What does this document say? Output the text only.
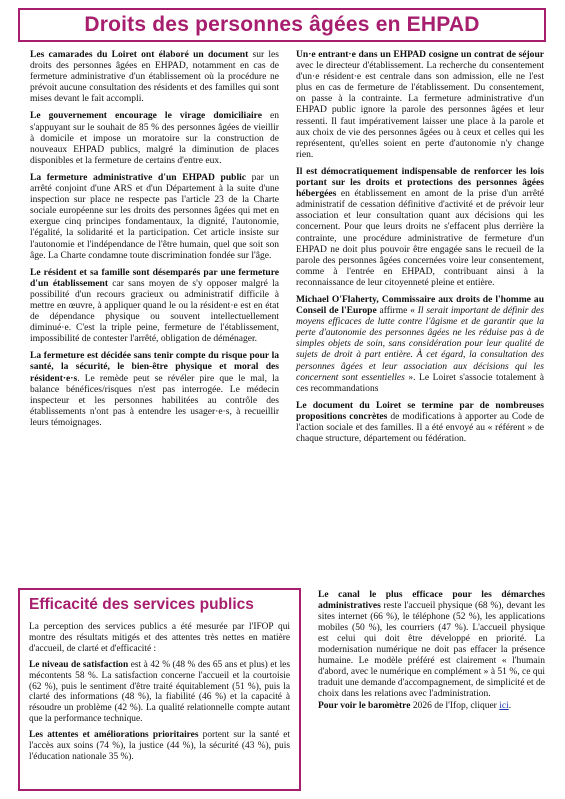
Droits des personnes âgées en EHPAD

Les camarades du Loiret ont élaboré un document sur les droits des personnes âgées en EHPAD, notamment en cas de fermeture administrative d'un établissement où la procédure ne prévoit aucune consultation des résidents et des familles qui sont mises devant le fait accompli.

Le gouvernement encourage le virage domiciliaire en s'appuyant sur le souhait de 85 % des personnes âgées de vieillir à domicile et impose un moratoire sur la construction de nouveaux EHPAD publics, malgré la diminution de places disponibles et la fermeture de certains d'entre eux.

La fermeture administrative d'un EHPAD public par un arrêté conjoint d'une ARS et d'un Département à la suite d'une inspection sur place ne respecte pas l'article 23 de la Charte sociale européenne sur les droits des personnes âgées qui met en exergue cinq principes fondamentaux, la dignité, l'autonomie, l'égalité, la solidarité et la participation. Cet article insiste sur l'autonomie et l'indépendance de l'être humain, quel que soit son âge. La Charte condamne toute discrimination fondée sur l'âge.

Le résident et sa famille sont désemparés par une fermeture d'un établissement car sans moyen de s'y opposer malgré la possibilité d'un recours gracieux ou administratif difficile à mettre en œuvre, à appliquer quand le ou la résident·e est en état de dépendance physique ou souvent intellectuellement diminué·e. C'est la triple peine, fermeture de l'établissement, impossibilité de contester l'arrêté, obligation de déménager.

La fermeture est décidée sans tenir compte du risque pour la santé, la sécurité, le bien-être physique et moral des résident·e·s. Le remède peut se révéler pire que le mal, la balance bénéfices/risques n'est pas interrogée. Le médecin inspecteur et les personnes habilitées au contrôle des établissements n'ont pas à entendre les usager·e·s, à recueillir leurs témoignages.

Un·e entrant·e dans un EHPAD cosigne un contrat de séjour avec le directeur d'établissement. La recherche du consentement d'un·e résident·e est centrale dans son admission, elle ne l'est plus en cas de fermeture de l'établissement. Du consentement, on passe à la contrainte. La fermeture administrative d'un EHPAD public ignore la parole des personnes âgées et leur ressenti. Il faut impérativement laisser une place à la parole et aux choix de vie des personnes âgées ou à ceux et celles qui les représentent, qu'elles soient en perte d'autonomie n'y change rien.

Il est démocratiquement indispensable de renforcer les lois portant sur les droits et protections des personnes âgées hébergées en établissement en amont de la prise d'un arrêté administratif de cessation définitive d'activité et de prévoir leur association et leur consultation quant aux décisions qui les concernent. Pour que leurs droits ne s'effacent plus derrière la contrainte, une procédure administrative de fermeture d'un EHPAD ne doit plus pouvoir être engagée sans le recueil de la parole des personnes âgées concernées voire leur consentement, comme à l'entrée en EHPAD, contribuant ainsi à la reconnaissance de leur citoyenneté pleine et entière.

Michael O'Flaherty, Commissaire aux droits de l'homme au Conseil de l'Europe affirme « Il serait important de définir des moyens efficaces de lutte contre l'âgisme et de garantir que la perte d'autonomie des personnes âgées ne les réduise pas à de simples objets de soin, sans considération pour leur qualité de sujets de droit à part entière. À cet égard, la consultation des personnes âgées et leur association aux décisions qui les concernent sont essentielles ». Le Loiret s'associe totalement à ces recommandations

Le document du Loiret se termine par de nombreuses propositions concrètes de modifications à apporter au Code de l'action sociale et des familles. Il a été envoyé au « référent » de chaque structure, département ou fédération.

Efficacité des services publics

La perception des services publics a été mesurée par l'IFOP qui montre des résultats mitigés et des attentes très nettes en matière d'accueil, de clarté et d'efficacité :

Le niveau de satisfaction est à 42 % (48 % des 65 ans et plus) et les mécontents 58 %. La satisfaction concerne l'accueil et la courtoisie (62 %), puis le sentiment d'être traité équitablement (51 %), puis la clarté des informations (48 %), la fiabilité (46 %) et la capacité à résoudre un problème (42 %). La qualité relationnelle compte autant que la performance technique.

Les attentes et améliorations prioritaires portent sur la santé et l'accès aux soins (74 %), la justice (44 %), la sécurité (43 %), puis l'éducation nationale 35 %).

Le canal le plus efficace pour les démarches administratives reste l'accueil physique (68 %), devant les sites internet (66 %), le téléphone (52 %), les applications mobiles (50 %), les courriers (47 %). L'accueil physique est celui qui doit être développé en priorité. La modernisation numérique ne doit pas effacer la présence humaine. Le modèle préféré est clairement « l'humain d'abord, avec le numérique en complément » à 51 %, ce qui traduit une demande d'accompagnement, de simplicité et de choix dans les relations avec l'administration.

Pour voir le baromètre 2026 de l'Ifop, cliquer ici.
